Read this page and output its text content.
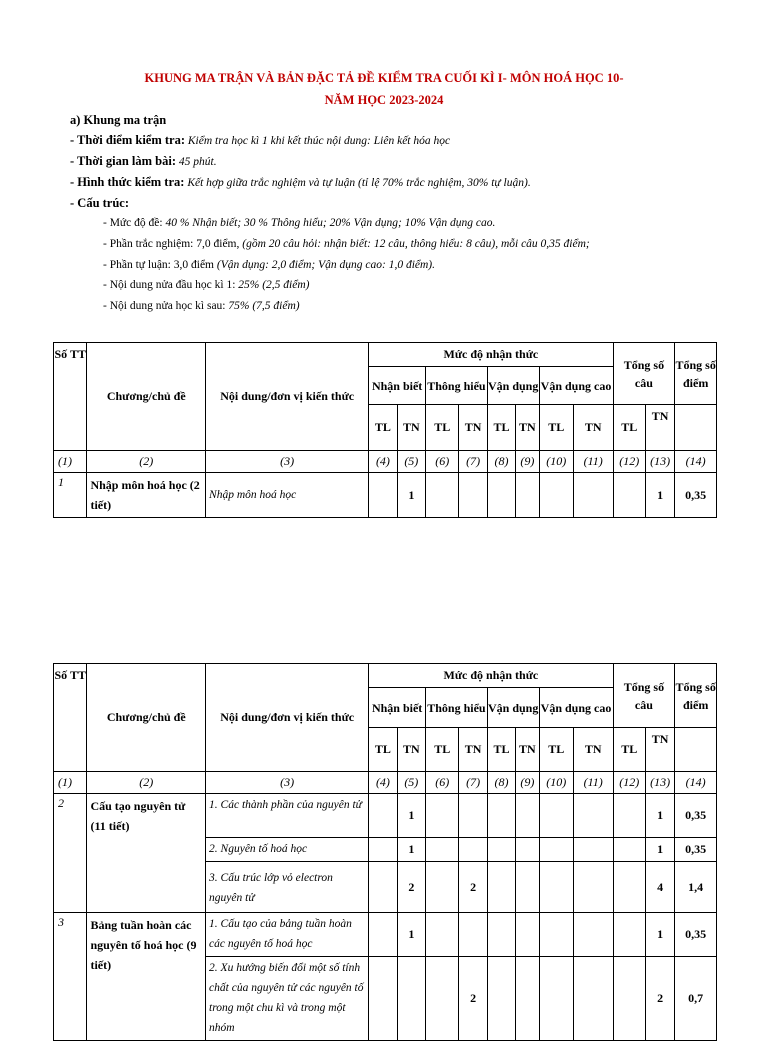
KHUNG MA TRẬN VÀ BẢN ĐẶC TẢ ĐỀ KIỂM TRA CUỐI KÌ I- MÔN HOÁ HỌC 10-
NĂM HỌC 2023-2024
a) Khung ma trận
- Thời điểm kiểm tra: Kiểm tra học kì 1 khi kết thúc nội dung: Liên kết hóa học
- Thời gian làm bài: 45 phút.
- Hình thức kiểm tra: Kết hợp giữa trắc nghiệm và tự luận (tỉ lệ 70% trắc nghiệm, 30% tự luận).
- Cấu trúc:
- Mức độ đề: 40 % Nhận biết; 30 % Thông hiểu; 20% Vận dụng; 10% Vận dụng cao.
- Phần trắc nghiệm: 7,0 điểm, (gồm 20 câu hỏi: nhận biết: 12 câu, thông hiểu: 8 câu), mỗi câu 0,35 điểm;
- Phần tự luận: 3,0 điểm (Vận dụng: 2,0 điểm; Vận dụng cao: 1,0 điểm).
- Nội dung nửa đầu học kì 1: 25% (2,5 điểm)
- Nội dung nửa học kì sau: 75% (7,5 điểm)
Số TT	Chương/chủ đề	Nội dung/đơn vị kiến thức	Mức độ nhận thức								Tổng số câu		Tổng số điểm
			Nhận biết		Thông hiểu		Vận dụng		Vận dụng cao				
			TL	TN	TL	TN	TL	TN	TL	TN	TL	TN	
(1)	(2)	(3)	(4)	(5)	(6)	(7)	(8)	(9)	(10)	(11)	(12)	(13)	(14)
1	Nhập môn hoá học (2 tiết)	Nhập môn hoá học		1								1	0,35
Số TT	Chương/chủ đề	Nội dung/đơn vị kiến thức	Mức độ nhận thức								Tổng số câu		Tổng số điểm
			Nhận biết		Thông hiểu		Vận dụng		Vận dụng cao				
			TL	TN	TL	TN	TL	TN	TL	TN	TL	TN	
(1)	(2)	(3)	(4)	(5)	(6)	(7)	(8)	(9)	(10)	(11)	(12)	(13)	(14)
2	Cấu tạo nguyên tử (11 tiết)	1. Các thành phần của nguyên tử		1								1	0,35
		2. Nguyên tố hoá học		1								1	0,35
		3. Cấu trúc lớp vỏ electron nguyên tử		2		2						4	1,4
3	Bảng tuần hoàn các nguyên tố hoá học (9 tiết)	1. Cấu tạo của bảng tuần hoàn các nguyên tố hoá học		1								1	0,35
		2. Xu hướng biến đổi một số tính chất của nguyên tử các nguyên tố trong một chu kì và trong một nhóm				2						2	0,7
